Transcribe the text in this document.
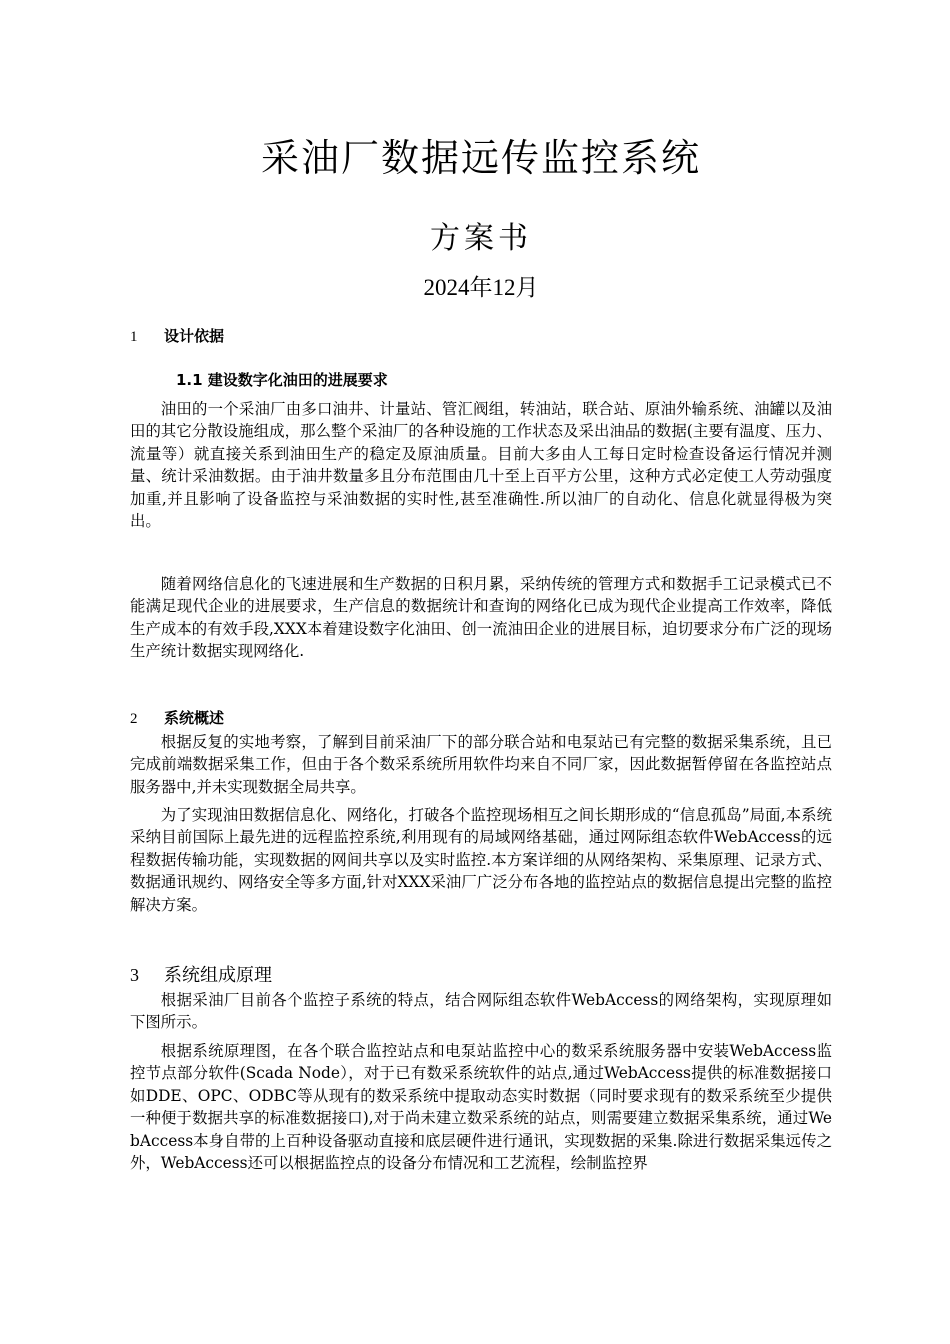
采油厂数据远传监控系统
方案书
2024年12月
1 设计依据
1.1 建设数字化油田的进展要求

油田的一个采油厂由多口油井、计量站、管汇阀组，转油站，联合站、原油外输系统、油罐以及油田的其它分散设施组成，那么整个采油厂的各种设施的工作状态及采出油品的数据(主要有温度、压力、流量等）就直接关系到油田生产的稳定及原油质量。目前大多由人工每日定时检查设备运行情况并测量、统计采油数据。由于油井数量多且分布范围由几十至上百平方公里，这种方式必定使工人劳动强度加重,并且影响了设备监控与采油数据的实时性,甚至准确性.所以油厂的自动化、信息化就显得极为突出。

随着网络信息化的飞速进展和生产数据的日积月累，采纳传统的管理方式和数据手工记录模式已不能满足现代企业的进展要求，生产信息的数据统计和查询的网络化已成为现代企业提高工作效率，降低生产成本的有效手段,XXX本着建设数字化油田、创一流油田企业的进展目标，迫切要求分布广泛的现场生产统计数据实现网络化.

2 系统概述

根据反复的实地考察，了解到目前采油厂下的部分联合站和电泵站已有完整的数据采集系统，且已完成前端数据采集工作，但由于各个数采系统所用软件均来自不同厂家，因此数据暂停留在各监控站点服务器中,并未实现数据全局共享。

为了实现油田数据信息化、网络化，打破各个监控现场相互之间长期形成的“信息孤岛”局面,本系统采纳目前国际上最先进的远程监控系统,利用现有的局域网络基础，通过网际组态软件WebAccess的远程数据传输功能，实现数据的网间共享以及实时监控.本方案详细的从网络架构、采集原理、记录方式、数据通讯规约、网络安全等多方面,针对XXX采油厂广泛分布各地的监控站点的数据信息提出完整的监控解决方案。

3 系统组成原理

根据采油厂目前各个监控子系统的特点，结合网际组态软件WebAccess的网络架构，实现原理如下图所示。

根据系统原理图，在各个联合监控站点和电泵站监控中心的数采系统服务器中安装WebAccess监控节点部分软件(Scada Node），对于已有数采系统软件的站点,通过WebAccess提供的标准数据接口如DDE、OPC、ODBC等从现有的数采系统中提取动态实时数据（同时要求现有的数采系统至少提供一种便于数据共享的标准数据接口),对于尚未建立数采系统的站点，则需要建立数据采集系统，通过WebAccess本身自带的上百种设备驱动直接和底层硬件进行通讯，实现数据的采集.除进行数据采集远传之外，WebAccess还可以根据监控点的设备分布情况和工艺流程，绘制监控界
